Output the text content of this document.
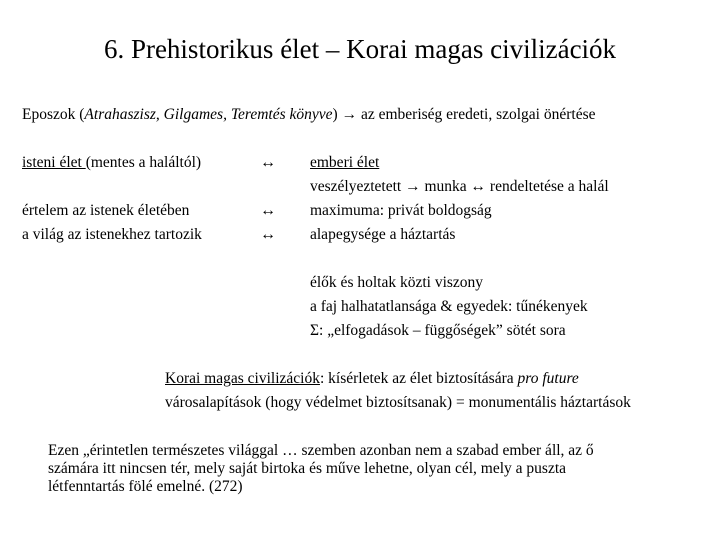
6. Prehistorikus élet – Korai magas civilizációk
Eposzok (Atrahaszisz, Gilgames, Teremtés könyve) → az emberiség eredeti, szolgai önértése
isteni élet (mentes a haláltól)
értelem az istenek életében
a világ az istenekhez tartozik
↔
↔
↔
emberi élet
veszélyeztetett → munka ↔ rendeltetése a halál
maximuma: privát boldogság
alapegysége a háztartás
élők és holtak közti viszony
a faj halhatatlansága & egyedek: tűnékenyek
Σ: „elfogadások – függőségek” sötét sora
Korai magas civilizációk: kísérletek az élet biztosítására pro future
városalapítások (hogy védelmet biztosítsanak) = monumentális háztartások
Ezen „érintetlen természetes világgal … szemben azonban nem a szabad ember áll, az ő
számára itt nincsen tér, mely saját birtoka és műve lehetne, olyan cél, mely a puszta
létfenntartás fölé emelné. (272)
